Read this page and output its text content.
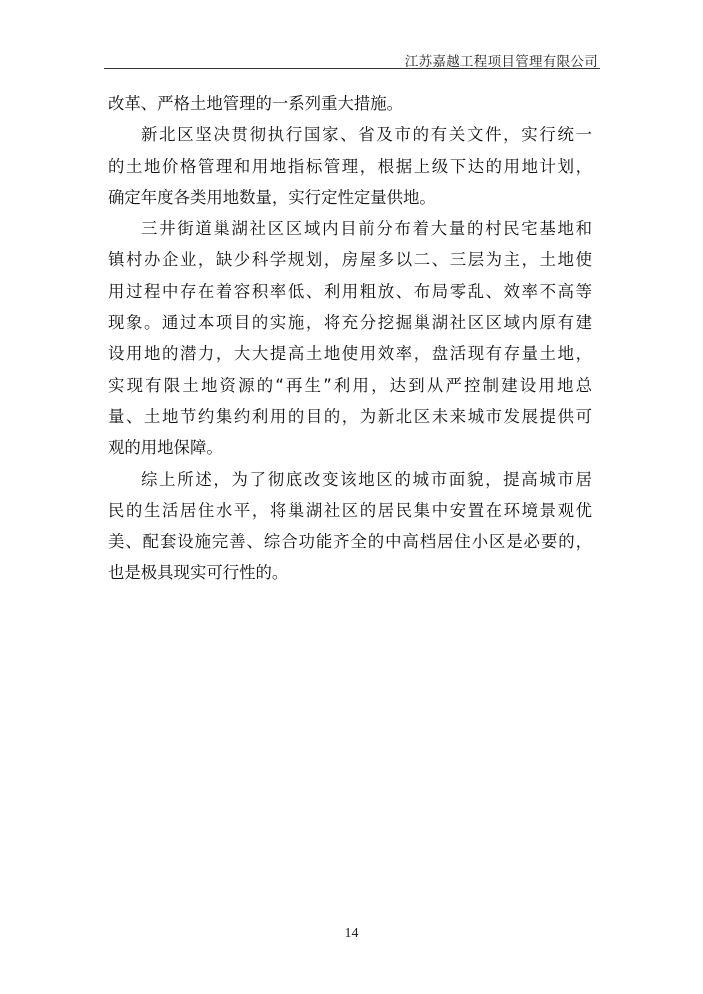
江苏嘉越工程项目管理有限公司
改革、严格土地管理的一系列重大措施。
新北区坚决贯彻执行国家、省及市的有关文件，实行统一
的土地价格管理和用地指标管理，根据上级下达的用地计划，
确定年度各类用地数量，实行定性定量供地。
三井街道巢湖社区区域内目前分布着大量的村民宅基地和
镇村办企业，缺少科学规划，房屋多以二、三层为主，土地使
用过程中存在着容积率低、利用粗放、布局零乱、效率不高等
现象。通过本项目的实施，将充分挖掘巢湖社区区域内原有建
设用地的潜力，大大提高土地使用效率，盘活现有存量土地，
实现有限土地资源的“再生”利用，达到从严控制建设用地总
量、土地节约集约利用的目的，为新北区未来城市发展提供可
观的用地保障。
综上所述，为了彻底改变该地区的城市面貌，提高城市居
民的生活居住水平，将巢湖社区的居民集中安置在环境景观优
美、配套设施完善、综合功能齐全的中高档居住小区是必要的，
也是极具现实可行性的。
14
